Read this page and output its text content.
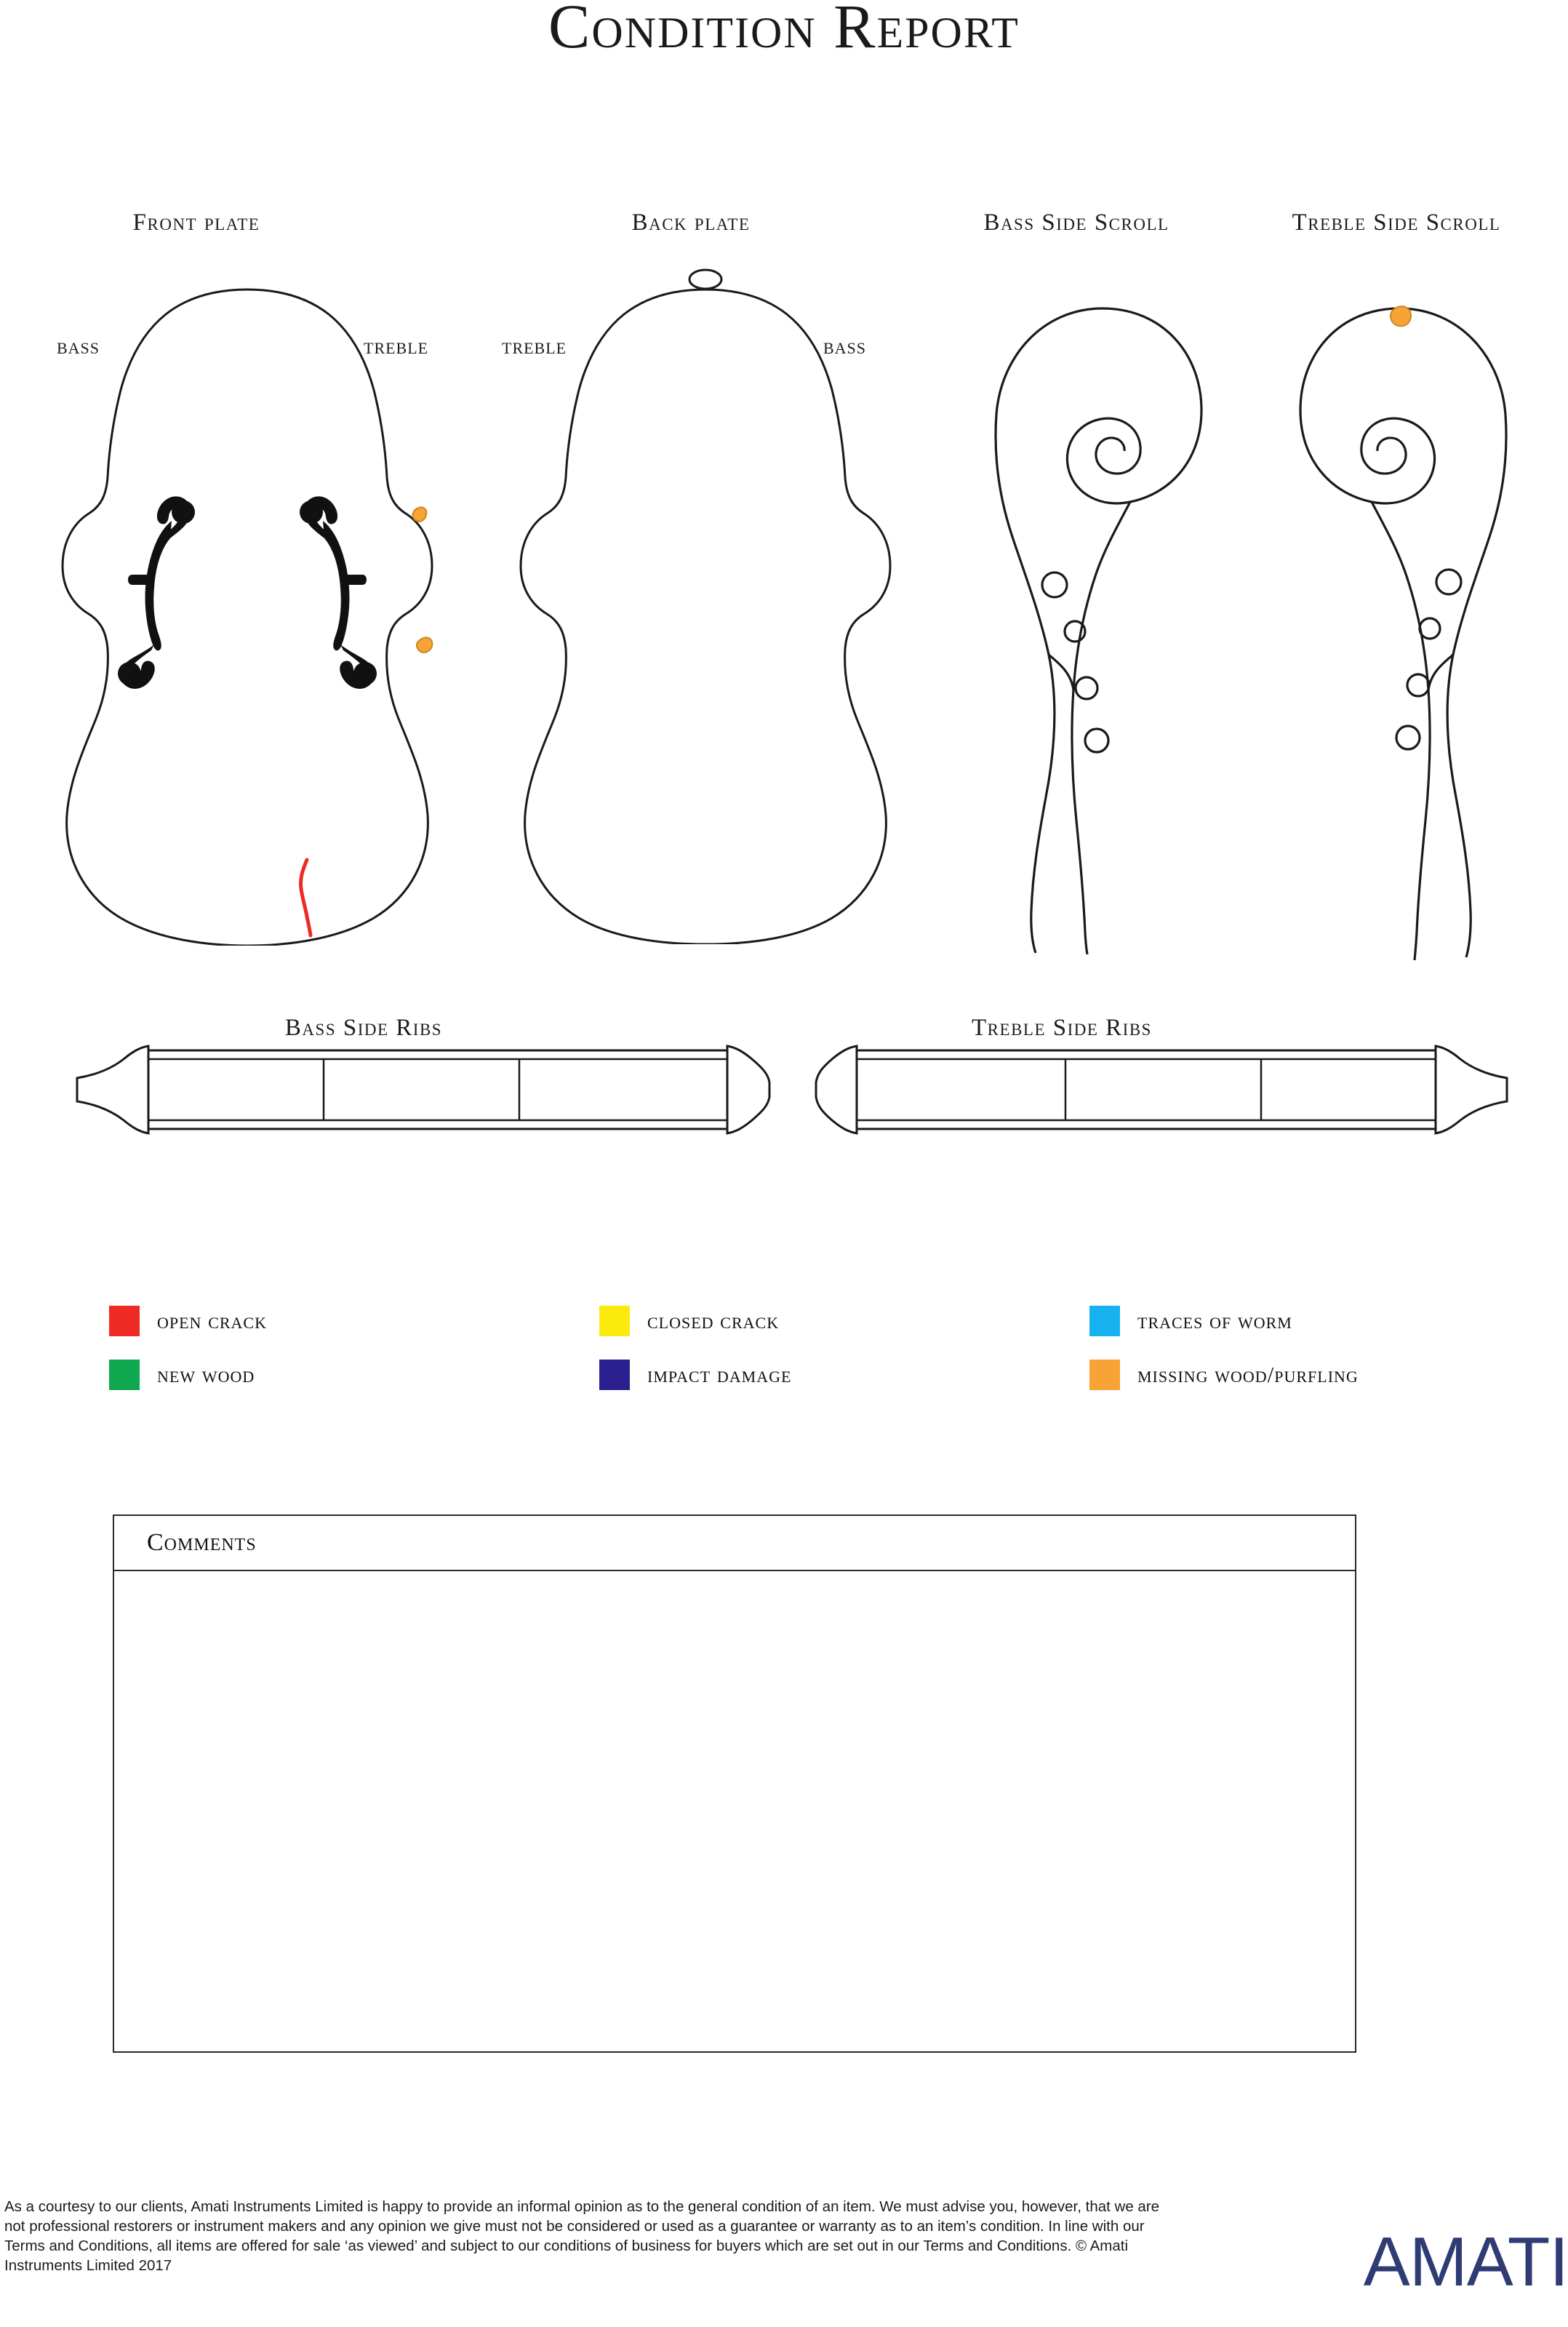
Condition Report
Front plate	Back plate	Bass Side Scroll	Treble Side Scroll
BASS	TREBLE	TREBLE	BASS
Bass Side Ribs	Treble Side Ribs
open crack	closed crack	traces of worm
new wood	impact damage	missing wood/purfling
Comments
As a courtesy to our clients, Amati Instruments Limited is happy to provide an informal opinion as to the general condition of an item. We must advise you, however, that we are not professional restorers or instrument makers and any opinion we give must not be considered or used as a guarantee or warranty as to an item’s condition. In line with our Terms and Conditions, all items are offered for sale ‘as viewed’ and subject to our conditions of business for buyers which are set out in our Terms and Conditions. © Amati Instruments Limited 2017	AMATI
